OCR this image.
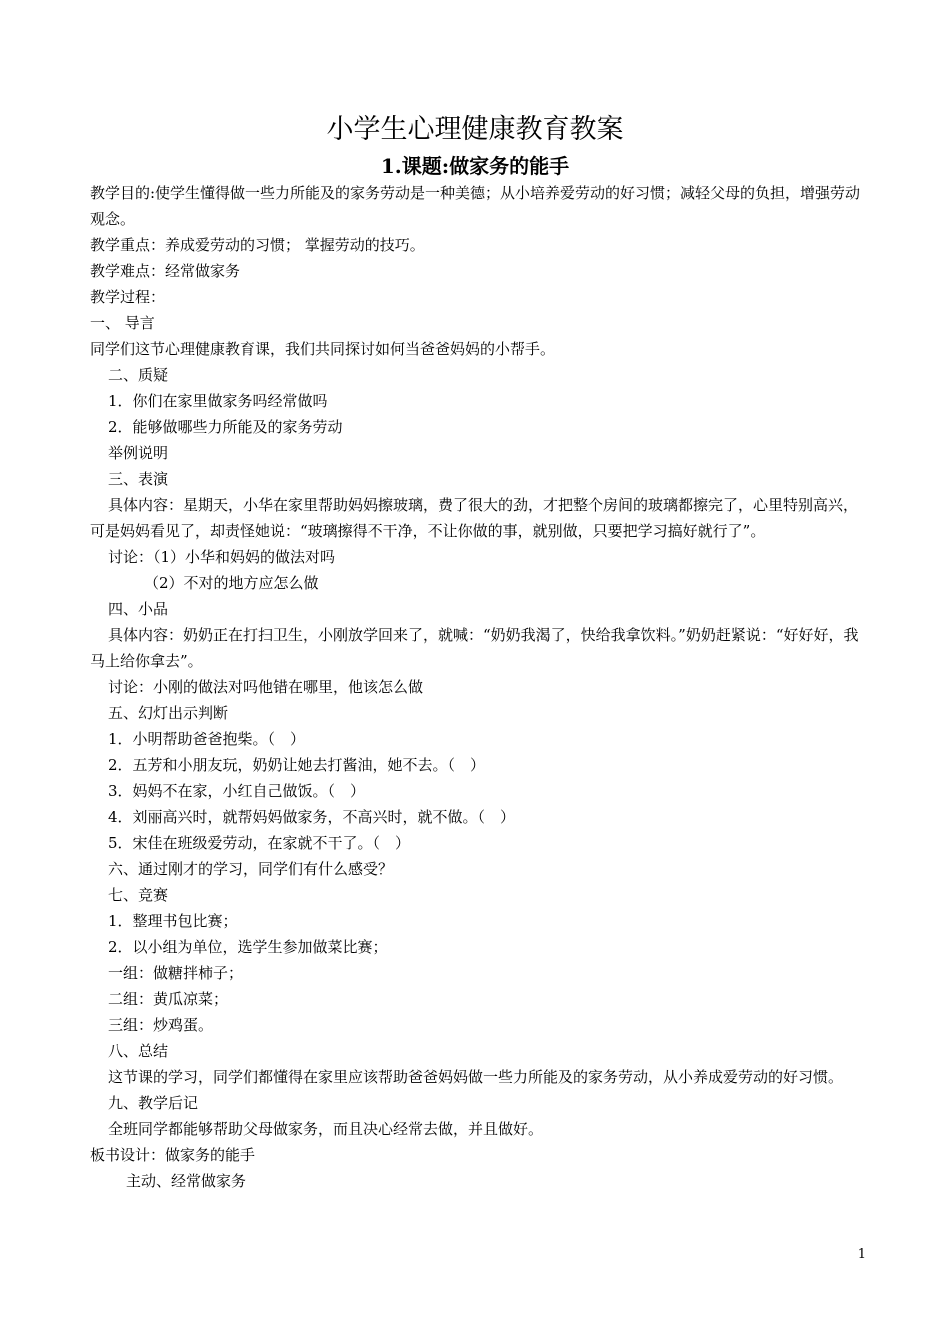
小学生心理健康教育教案
1.课题:做家务的能手

教学目的:使学生懂得做一些力所能及的家务劳动是一种美德；从小培养爱劳动的好习惯；减轻父母的负担，增强劳动观念。

教学重点：养成爱劳动的习惯； 掌握劳动的技巧。

教学难点：经常做家务

教学过程：

一、 导言

同学们这节心理健康教育课，我们共同探讨如何当爸爸妈妈的小帮手。

二、质疑

1．你们在家里做家务吗经常做吗

2．能够做哪些力所能及的家务劳动

举例说明

三、表演

具体内容：星期天，小华在家里帮助妈妈擦玻璃，费了很大的劲，才把整个房间的玻璃都擦完了，心里特别高兴，可是妈妈看见了，却责怪她说：“玻璃擦得不干净，不让你做的事，就别做，只要把学习搞好就行了”。

讨论：（1）小华和妈妈的做法对吗

（2）不对的地方应怎么做

四、小品

具体内容：奶奶正在打扫卫生，小刚放学回来了，就喊：“奶奶我渴了，快给我拿饮料。”奶奶赶紧说：“好好好，我马上给你拿去”。

讨论：小刚的做法对吗他错在哪里，他该怎么做

五、幻灯出示判断

1．小明帮助爸爸抱柴。（　）

2．五芳和小朋友玩，奶奶让她去打酱油，她不去。（　）

3．妈妈不在家，小红自己做饭。（　）

4．刘丽高兴时，就帮妈妈做家务，不高兴时，就不做。（　）

5．宋佳在班级爱劳动，在家就不干了。（　）

六、通过刚才的学习，同学们有什么感受？

七、竞赛

1．整理书包比赛；

2．以小组为单位，选学生参加做菜比赛；

一组：做糖拌柿子；

二组：黄瓜凉菜；

三组：炒鸡蛋。

八、总结

这节课的学习，同学们都懂得在家里应该帮助爸爸妈妈做一些力所能及的家务劳动，从小养成爱劳动的好习惯。

九、教学后记

全班同学都能够帮助父母做家务，而且决心经常去做，并且做好。

板书设计：做家务的能手

主动、经常做家务

1
